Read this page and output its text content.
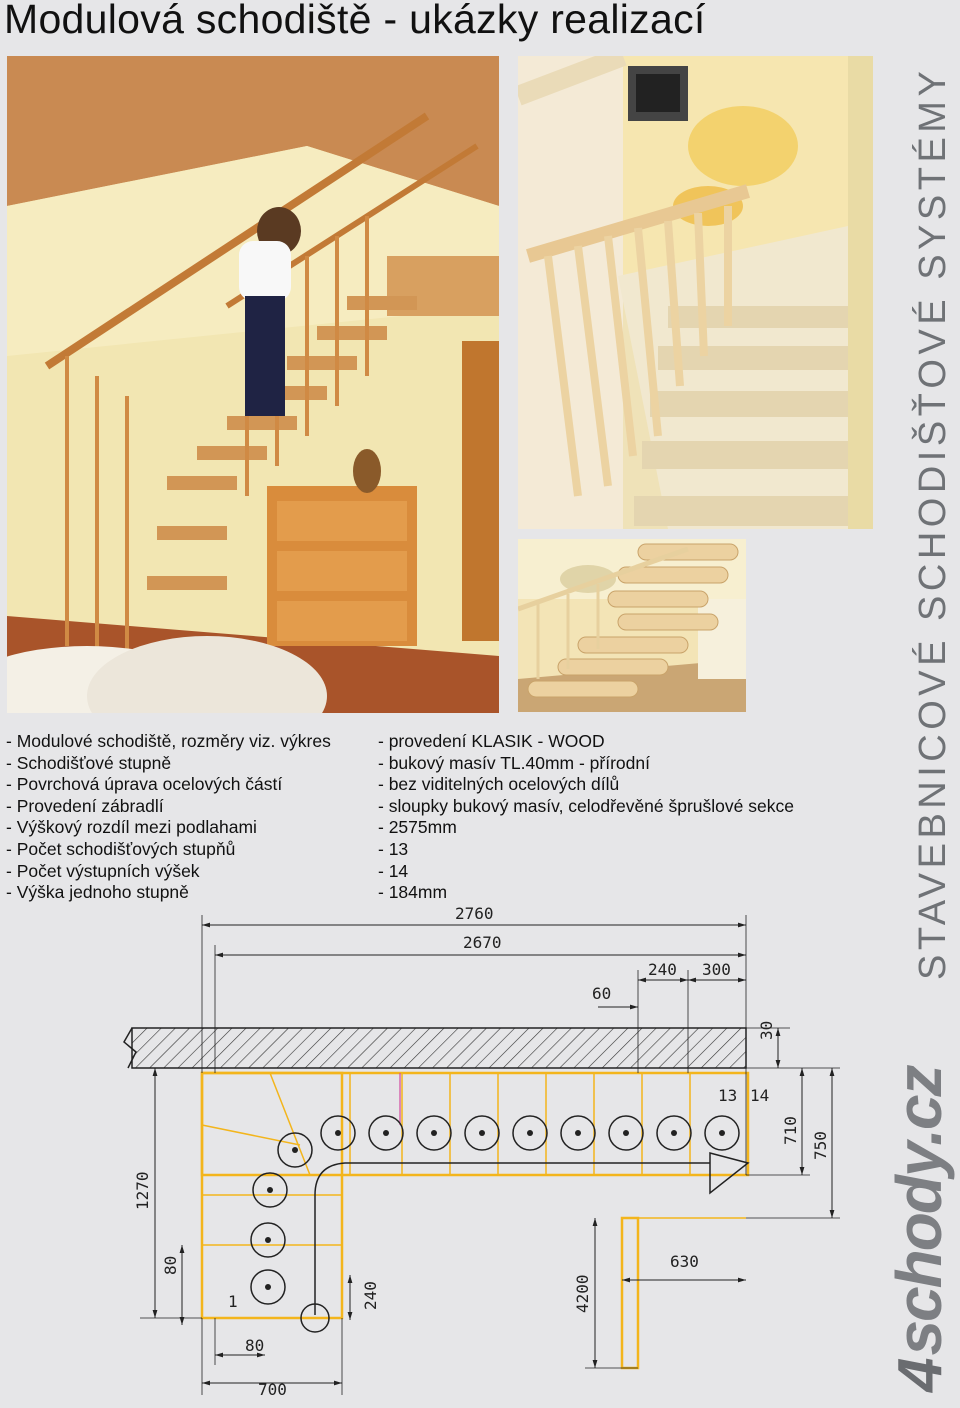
Modulová schodiště - ukázky realizací
STAVEBNICOVÉ SCHODIŠŤOVÉ SYSTÉMY
4schody.cz
- Modulové schodiště, rozměry viz. výkres	- provedení KLASIK - WOOD
- Schodišťové stupně	- bukový masív TL.40mm - přírodní
- Povrchová úprava ocelových částí	- bez viditelných ocelových dílů
- Provedení zábradlí	- sloupky bukový masív, celodřevěné šprušlové sekce
- Výškový rozdíl mezi podlahami	- 2575mm
- Počet schodišťových stupňů	- 13
- Počet výstupních výšek	- 14
- Výška jednoho stupně	- 184mm
2760
2670
240 300
60
30
13 14
710
750
1270
80
1	240	4200
630
80
700
